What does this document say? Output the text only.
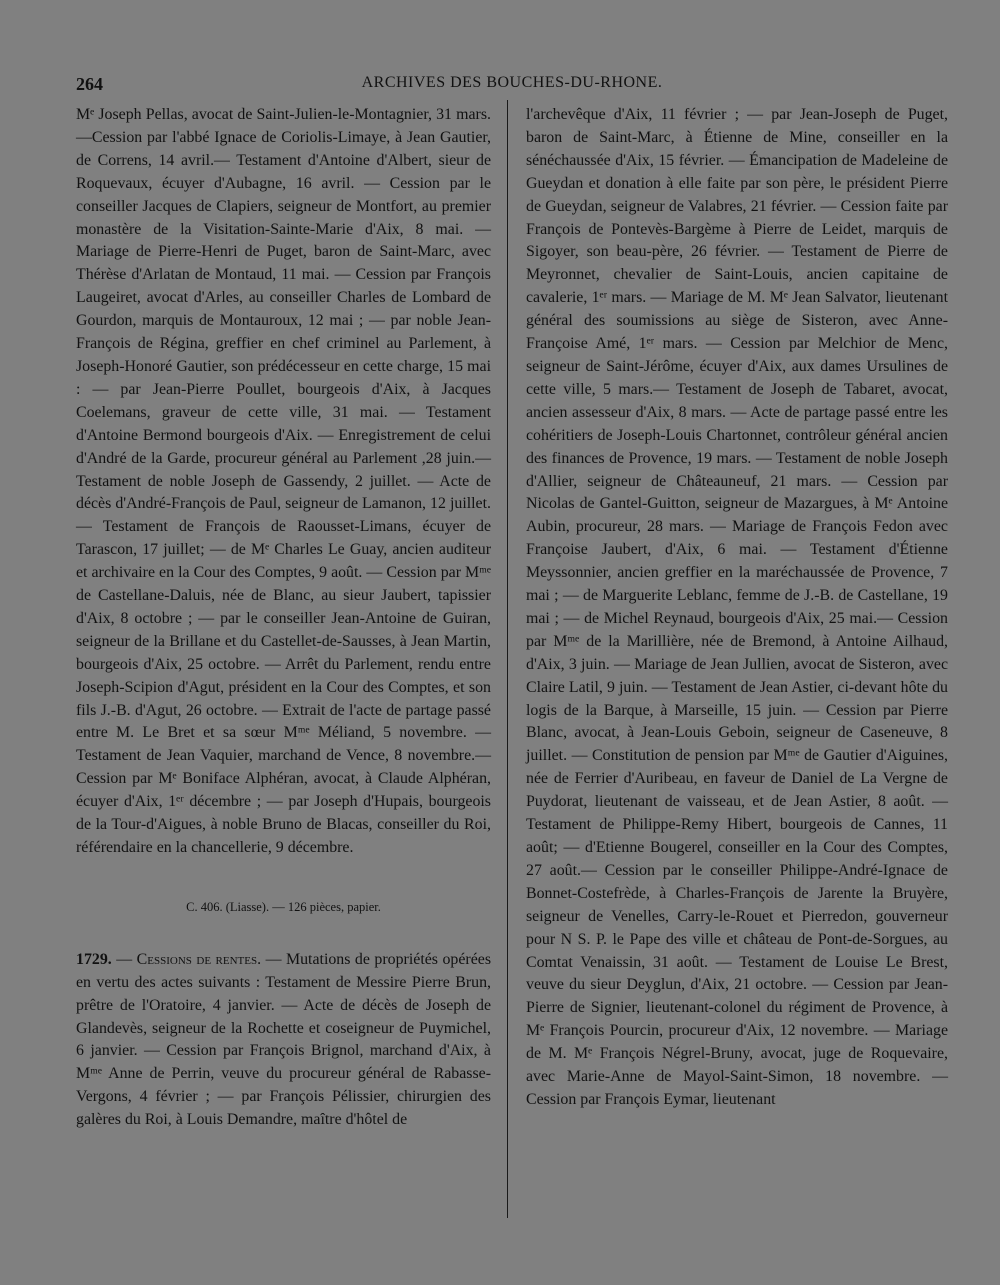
264	ARCHIVES DES BOUCHES-DU-RHONE.

Mᵉ Joseph Pellas, avocat de Saint-Julien-le-Montagnier, 31 mars.—Cession par l'abbé Ignace de Coriolis-Limaye, à Jean Gautier, de Correns, 14 avril.— Testament d'Antoine d'Albert, sieur de Roquevaux, écuyer d'Aubagne, 16 avril. — Cession par le conseiller Jacques de Clapiers, seigneur de Montfort, au premier monastère de la Visitation-Sainte-Marie d'Aix, 8 mai. — Mariage de Pierre-Henri de Puget, baron de Saint-Marc, avec Thérèse d'Arlatan de Montaud, 11 mai. — Cession par François Laugeiret, avocat d'Arles, au conseiller Charles de Lombard de Gourdon, marquis de Montauroux, 12 mai ; — par noble Jean-François de Régina, greffier en chef criminel au Parlement, à Joseph-Honoré Gautier, son prédécesseur en cette charge, 15 mai : — par Jean-Pierre Poullet, bourgeois d'Aix, à Jacques Coelemans, graveur de cette ville, 31 mai. — Testament d'Antoine Bermond bourgeois d'Aix. — Enregistrement de celui d'André de la Garde, procureur général au Parlement ,28 juin.— Testament de noble Joseph de Gassendy, 2 juillet. — Acte de décès d'André-François de Paul, seigneur de Lamanon, 12 juillet.— Testament de François de Raousset-Limans, écuyer de Tarascon, 17 juillet; — de Mᵉ Charles Le Guay, ancien auditeur et archivaire en la Cour des Comptes, 9 août. — Cession par Mᵐᵉ de Castellane-Daluis, née de Blanc, au sieur Jaubert, tapissier d'Aix, 8 octobre ; — par le conseiller Jean-Antoine de Guiran, seigneur de la Brillane et du Castellet-de-Sausses, à Jean Martin, bourgeois d'Aix, 25 octobre. — Arrêt du Parlement, rendu entre Joseph-Scipion d'Agut, président en la Cour des Comptes, et son fils J.-B. d'Agut, 26 octobre. — Extrait de l'acte de partage passé entre M. Le Bret et sa sœur Mᵐᵉ Méliand, 5 novembre. — Testament de Jean Vaquier, marchand de Vence, 8 novembre.—Cession par Mᵉ Boniface Alphéran, avocat, à Claude Alphéran, écuyer d'Aix, 1ᵉʳ décembre ; — par Joseph d'Hupais, bourgeois de la Tour-d'Aigues, à noble Bruno de Blacas, conseiller du Roi, référendaire en la chancellerie, 9 décembre.

C. 406. (Liasse). — 126 pièces, papier.

1729. — Cessions de rentes. — Mutations de propriétés opérées en vertu des actes suivants : Testament de Messire Pierre Brun, prêtre de l'Oratoire, 4 janvier. — Acte de décès de Joseph de Glandevès, seigneur de la Rochette et coseigneur de Puymichel, 6 janvier. — Cession par François Brignol, marchand d'Aix, à Mᵐᵉ Anne de Perrin, veuve du procureur général de Rabasse-Vergons, 4 février ; — par François Pélissier, chirurgien des galères du Roi, à Louis Demandre, maître d'hôtel de

l'archevêque d'Aix, 11 février ; — par Jean-Joseph de Puget, baron de Saint-Marc, à Étienne de Mine, conseiller en la sénéchaussée d'Aix, 15 février. — Émancipation de Madeleine de Gueydan et donation à elle faite par son père, le président Pierre de Gueydan, seigneur de Valabres, 21 février. — Cession faite par François de Pontevès-Bargème à Pierre de Leidet, marquis de Sigoyer, son beau-père, 26 février. — Testament de Pierre de Meyronnet, chevalier de Saint-Louis, ancien capitaine de cavalerie, 1ᵉʳ mars. — Mariage de M. Mᵉ Jean Salvator, lieutenant général des soumissions au siège de Sisteron, avec Anne-Françoise Amé, 1ᵉʳ mars. — Cession par Melchior de Menc, seigneur de Saint-Jérôme, écuyer d'Aix, aux dames Ursulines de cette ville, 5 mars.— Testament de Joseph de Tabaret, avocat, ancien assesseur d'Aix, 8 mars. — Acte de partage passé entre les cohéritiers de Joseph-Louis Chartonnet, contrôleur général ancien des finances de Provence, 19 mars. — Testament de noble Joseph d'Allier, seigneur de Châteauneuf, 21 mars. — Cession par Nicolas de Gantel-Guitton, seigneur de Mazargues, à Mᵉ Antoine Aubin, procureur, 28 mars. — Mariage de François Fedon avec Françoise Jaubert, d'Aix, 6 mai. — Testament d'Étienne Meyssonnier, ancien greffier en la maréchaussée de Provence, 7 mai ; — de Marguerite Leblanc, femme de J.-B. de Castellane, 19 mai ; — de Michel Reynaud, bourgeois d'Aix, 25 mai.— Cession par Mᵐᵉ de la Marillière, née de Bremond, à Antoine Ailhaud, d'Aix, 3 juin. — Mariage de Jean Jullien, avocat de Sisteron, avec Claire Latil, 9 juin. — Testament de Jean Astier, ci-devant hôte du logis de la Barque, à Marseille, 15 juin. — Cession par Pierre Blanc, avocat, à Jean-Louis Geboin, seigneur de Caseneuve, 8 juillet. — Constitution de pension par Mᵐᵉ de Gautier d'Aiguines, née de Ferrier d'Auribeau, en faveur de Daniel de La Vergne de Puydorat, lieutenant de vaisseau, et de Jean Astier, 8 août. — Testament de Philippe-Remy Hibert, bourgeois de Cannes, 11 août; — d'Etienne Bougerel, conseiller en la Cour des Comptes, 27 août.— Cession par le conseiller Philippe-André-Ignace de Bonnet-Costefrède, à Charles-François de Jarente la Bruyère, seigneur de Venelles, Carry-le-Rouet et Pierredon, gouverneur pour N S. P. le Pape des ville et château de Pont-de-Sorgues, au Comtat Venaissin, 31 août. — Testament de Louise Le Brest, veuve du sieur Deyglun, d'Aix, 21 octobre. — Cession par Jean-Pierre de Signier, lieutenant-colonel du régiment de Provence, à Mᵉ François Pourcin, procureur d'Aix, 12 novembre. — Mariage de M. Mᵉ François Négrel-Bruny, avocat, juge de Roquevaire, avec Marie-Anne de Mayol-Saint-Simon, 18 novembre. — Cession par François Eymar, lieutenant
